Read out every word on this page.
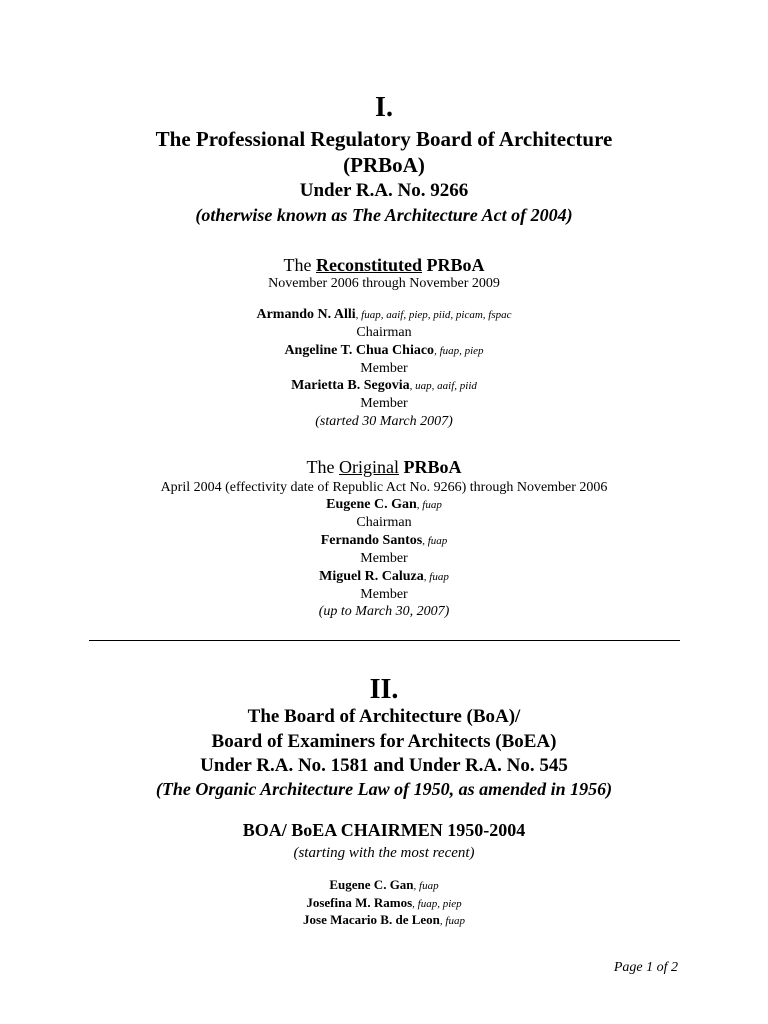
I.
The Professional Regulatory Board of Architecture
(PRBoA)
Under R.A. No. 9266
(otherwise known as The Architecture Act of 2004)
The Reconstituted PRBoA
November 2006 through November 2009
Armando N. Alli, fuap, aaif, piep, piid, picam, fspac
Chairman
Angeline T. Chua Chiaco, fuap, piep
Member
Marietta B. Segovia, uap, aaif, piid
Member
(started 30 March 2007)
The Original PRBoA
April 2004 (effectivity date of Republic Act No. 9266) through November 2006
Eugene C. Gan, fuap
Chairman
Fernando Santos, fuap
Member
Miguel R. Caluza, fuap
Member
(up to March 30, 2007)
II.
The Board of Architecture (BoA)/
Board of Examiners for Architects (BoEA)
Under R.A. No. 1581 and Under R.A. No. 545
(The Organic Architecture Law of 1950, as amended in 1956)
BOA/ BoEA CHAIRMEN 1950-2004
(starting with the most recent)
Eugene C. Gan, fuap
Josefina M. Ramos, fuap, piep
Jose Macario B. de Leon, fuap
Page 1 of 2
